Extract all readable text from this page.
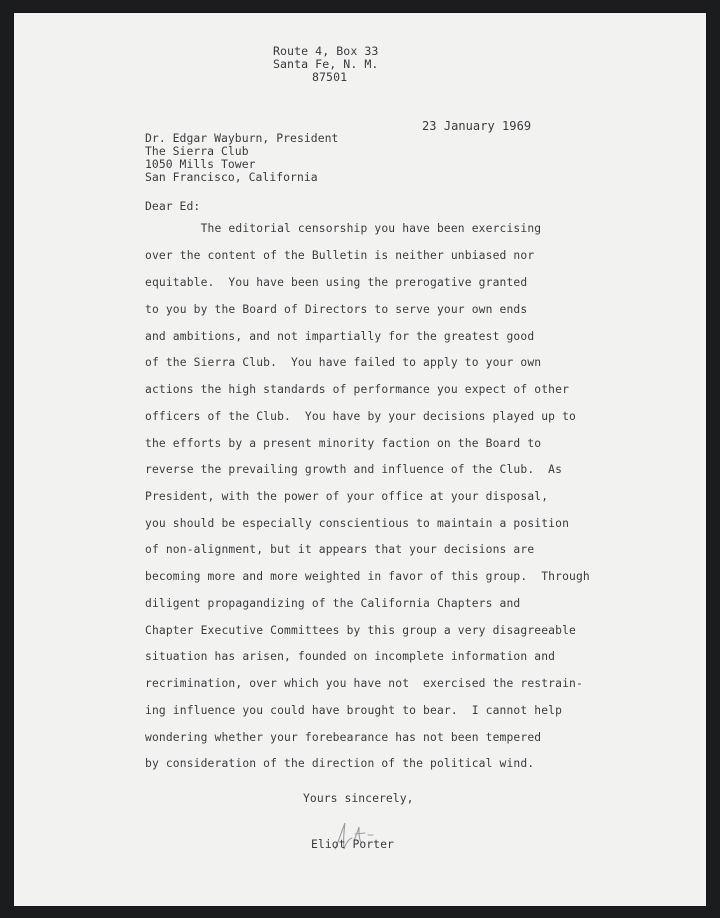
Route 4, Box 33

Santa Fe, N. M.

87501

23 January 1969

Dr. Edgar Wayburn, President

The Sierra Club

1050 Mills Tower

San Francisco, California

Dear Ed:

The editorial censorship you have been exercising

over the content of the Bulletin is neither unbiased nor

equitable.  You have been using the prerogative granted

to you by the Board of Directors to serve your own ends

and ambitions, and not impartially for the greatest good

of the Sierra Club.  You have failed to apply to your own

actions the high standards of performance you expect of other

officers of the Club.  You have by your decisions played up to

the efforts by a present minority faction on the Board to

reverse the prevailing growth and influence of the Club.  As

President, with the power of your office at your disposal,

you should be especially conscientious to maintain a position

of non-alignment, but it appears that your decisions are

becoming more and more weighted in favor of this group.  Through

diligent propagandizing of the California Chapters and

Chapter Executive Committees by this group a very disagreeable

situation has arisen, founded on incomplete information and

recrimination, over which you have not  exercised the restrain-

ing influence you could have brought to bear.  I cannot help

wondering whether your forebearance has not been tempered

by consideration of the direction of the political wind.

Yours sincerely,

Eliot Porter
